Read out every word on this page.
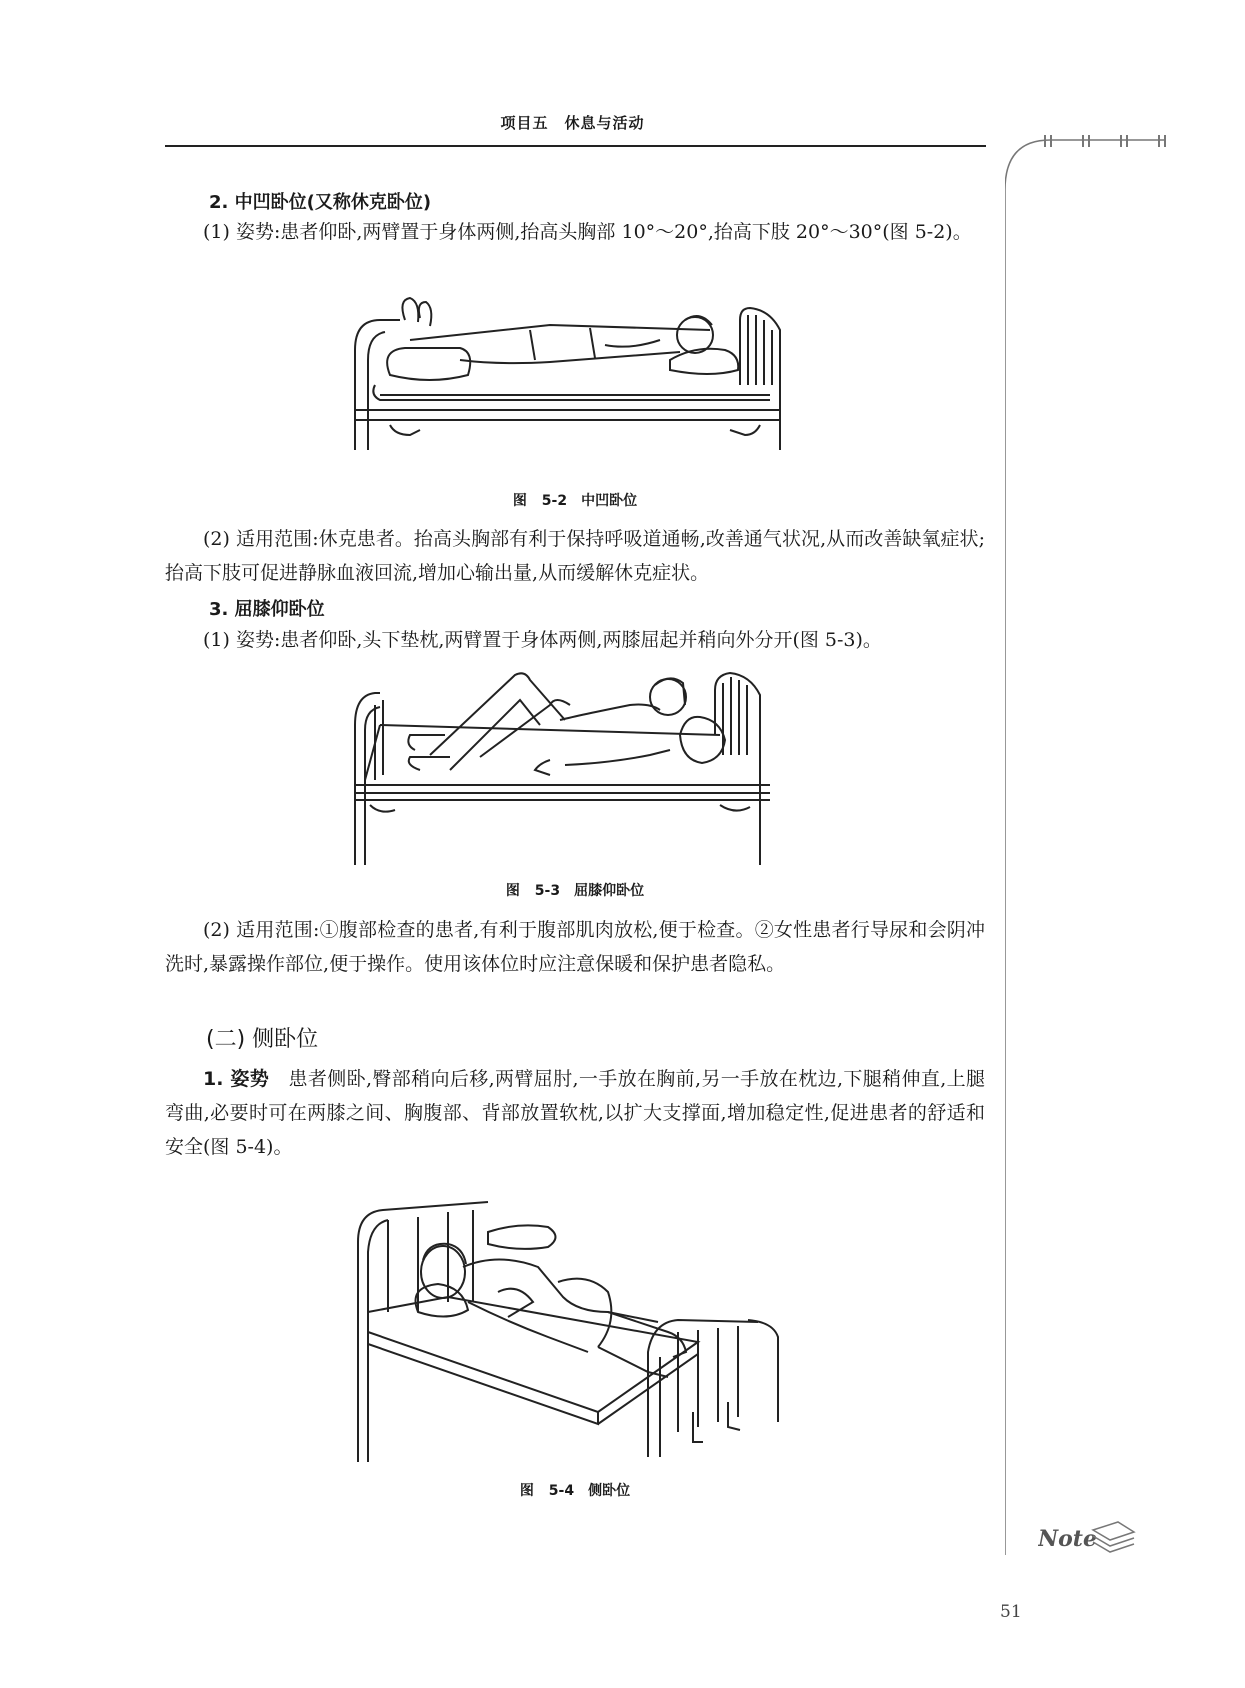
项目五　休息与活动
2. 中凹卧位(又称休克卧位)

(1) 姿势:患者仰卧,两臂置于身体两侧,抬高头胸部 10°～20°,抬高下肢 20°～30°(图 5-2)。

图 5-2　中凹卧位

(2) 适用范围:休克患者。抬高头胸部有利于保持呼吸道通畅,改善通气状况,从而改善缺氧症状;抬高下肢可促进静脉血液回流,增加心输出量,从而缓解休克症状。

3. 屈膝仰卧位

(1) 姿势:患者仰卧,头下垫枕,两臂置于身体两侧,两膝屈起并稍向外分开(图 5-3)。

图 5-3　屈膝仰卧位

(2) 适用范围:①腹部检查的患者,有利于腹部肌肉放松,便于检查。②女性患者行导尿和会阴冲洗时,暴露操作部位,便于操作。使用该体位时应注意保暖和保护患者隐私。

(二) 侧卧位

1. 姿势　 患者侧卧,臀部稍向后移,两臂屈肘,一手放在胸前,另一手放在枕边,下腿稍伸直,上腿弯曲,必要时可在两膝之间、胸腹部、背部放置软枕,以扩大支撑面,增加稳定性,促进患者的舒适和安全(图 5-4)。

图 5-4　侧卧位
Note
51
